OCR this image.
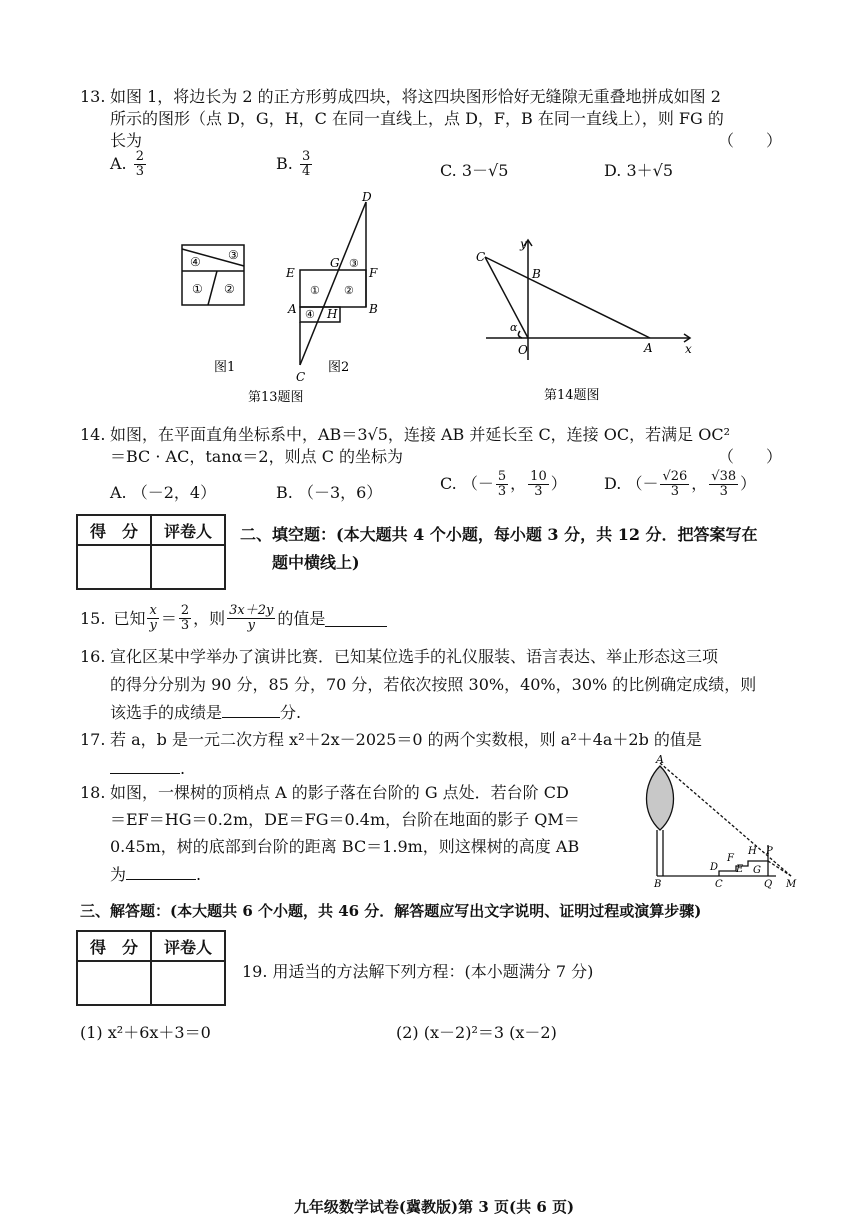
13. 如图 1，将边长为 2 的正方形剪成四块，将这四块图形恰好无缝隙无重叠地拼成如图 2
所示的图形（点 D，G，H，C 在同一直线上，点 D，F，B 在同一直线上），则 FG 的
长为	（　　）
A. $\frac{2}{3}$	B. $\frac{3}{4}$	C. 3－√5	D. 3＋√5
④ ③
① ②
图1
D
E
G ③
F
① ②
A ④ H	B
C
图2
第13题图
C
y
B
α
O	A	x
第14题图
14. 如图，在平面直角坐标系中，AB＝3√5，连接 AB 并延长至 C，连接 OC，若满足 OC²
＝BC · AC，tanα＝2，则点 C 的坐标为	（　　）
A. （－2，4）	B. （－3，6）	C. （－ $\frac{5}{3}$ ， $\frac{10}{3}$ ） D. （－ $\frac{√26}{3}$ ， $\frac{√38}{3}$ ）
得　分	评卷人
	二、填空题：(本大题共 4 个小题，每小题 3 分，共 12 分．把答案写在
题中横线上)
15. 已知 $\frac{x}{y} = \frac{2}{3}$ ，则 $\frac{3x+2y}{y}$ 的值是
16. 宣化区某中学举办了演讲比赛．已知某位选手的礼仪服装、语言表达、举止形态这三项
的得分分别为 90 分，85 分，70 分，若依次按照 30%，40%，30% 的比例确定成绩，则
该选手的成绩是	分.
17. 若 a，b 是一元二次方程 x²＋2x－2025＝0 的两个实数根，则 a²＋4a＋2b 的值是
.
18. 如图，一棵树的顶梢点 A 的影子落在台阶的 G 点处．若台阶 CD
＝EF＝HG＝0.2m，DE＝FG＝0.4m，台阶在地面的影子 QM＝
0.45m，树的底部到台阶的距离 BC＝1.9m，则这棵树的高度 AB
为	.
A
H P
F
D E G
B	C	Q M
三、解答题：(本大题共 6 个小题，共 46 分．解答题应写出文字说明、证明过程或演算步骤)
得　分	评卷人

19. 用适当的方法解下列方程：(本小题满分 7 分)
(1) x²＋6x＋3＝0	(2) (x－2)²＝3 (x－2)
九年级数学试卷(冀教版)第 3 页(共 6 页)
